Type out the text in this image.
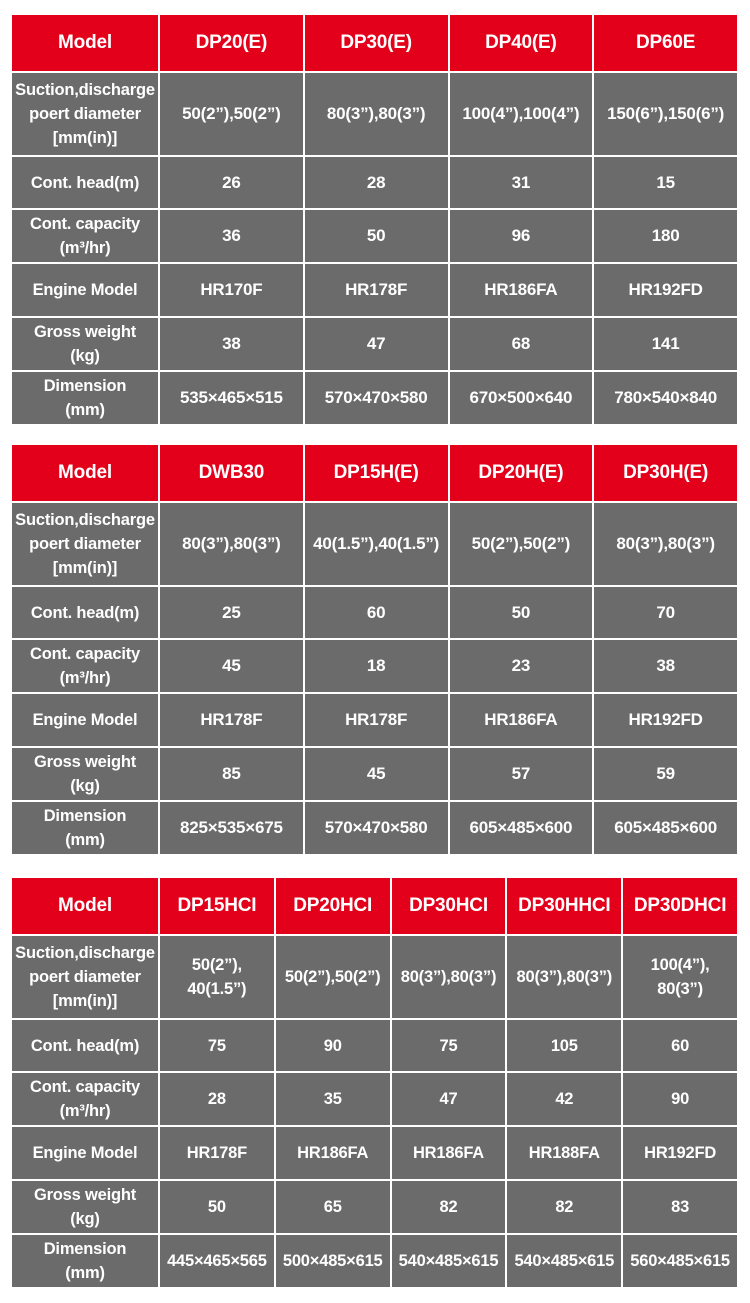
Model	DP20(E)	DP30(E)	DP40(E)	DP60E
Suction,discharge
poert diameter
[mm(in)]	50(2”),50(2”)	80(3”),80(3”)	100(4”),100(4”)	150(6”),150(6”)
Cont. head(m)	26	28	31	15
Cont. capacity
(m³/hr)	36	50	96	180
Engine Model	HR170F	HR178F	HR186FA	HR192FD
Gross weight
(kg)	38	47	68	141
Dimension
(mm)	535×465×515	570×470×580	670×500×640	780×540×840
Model	DWB30	DP15H(E)	DP20H(E)	DP30H(E)
Suction,discharge
poert diameter
[mm(in)]	80(3”),80(3”)	40(1.5”),40(1.5”)	50(2”),50(2”)	80(3”),80(3”)
Cont. head(m)	25	60	50	70
Cont. capacity
(m³/hr)	45	18	23	38
Engine Model	HR178F	HR178F	HR186FA	HR192FD
Gross weight
(kg)	85	45	57	59
Dimension
(mm)	825×535×675	570×470×580	605×485×600	605×485×600
Model	DP15HCI	DP20HCI	DP30HCI	DP30HHCI	DP30DHCI
Suction,discharge
poert diameter
[mm(in)]	50(2”),
40(1.5”)	50(2”),50(2”)	80(3”),80(3”)	80(3”),80(3”)	100(4”),
80(3”)
Cont. head(m)	75	90	75	105	60
Cont. capacity
(m³/hr)	28	35	47	42	90
Engine Model	HR178F	HR186FA	HR186FA	HR188FA	HR192FD
Gross weight
(kg)	50	65	82	82	83
Dimension
(mm)	445×465×565	500×485×615	540×485×615	540×485×615	560×485×615
